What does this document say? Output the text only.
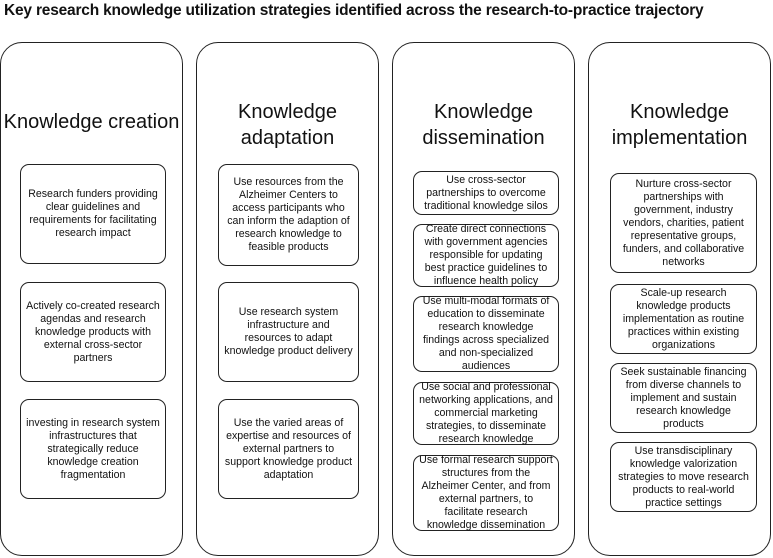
Key research knowledge utilization strategies identified across the research-to-practice trajectory
Knowledge creation
Research funders providing clear guidelines and requirements for facilitating research impact
Actively co-created research agendas and research knowledge products with external cross-sector partners
investing in research system infrastructures that strategically reduce knowledge creation fragmentation
Knowledge adaptation
Use resources from the Alzheimer Centers to access participants who can inform the adaption of research knowledge to feasible products
Use research system infrastructure and resources to adapt knowledge product delivery
Use the varied areas of expertise and resources of external partners to support knowledge product adaptation
Knowledge dissemination
Use cross-sector partnerships to overcome traditional knowledge silos
Create direct connections with government agencies responsible for updating best practice guidelines to influence health policy
Use multi-modal formats of education to disseminate research knowledge findings across specialized and non-specialized audiences
Use social and professional networking applications, and commercial marketing strategies, to disseminate research knowledge
Use formal research support structures from the Alzheimer Center, and from external partners, to facilitate research knowledge dissemination
Knowledge implementation
Nurture cross-sector partnerships with government, industry vendors, charities, patient representative groups, funders, and collaborative networks
Scale-up research knowledge products implementation as routine practices within existing organizations
Seek sustainable financing from diverse channels to implement and sustain research knowledge products
Use transdisciplinary knowledge valorization strategies to move research products to real-world practice settings
